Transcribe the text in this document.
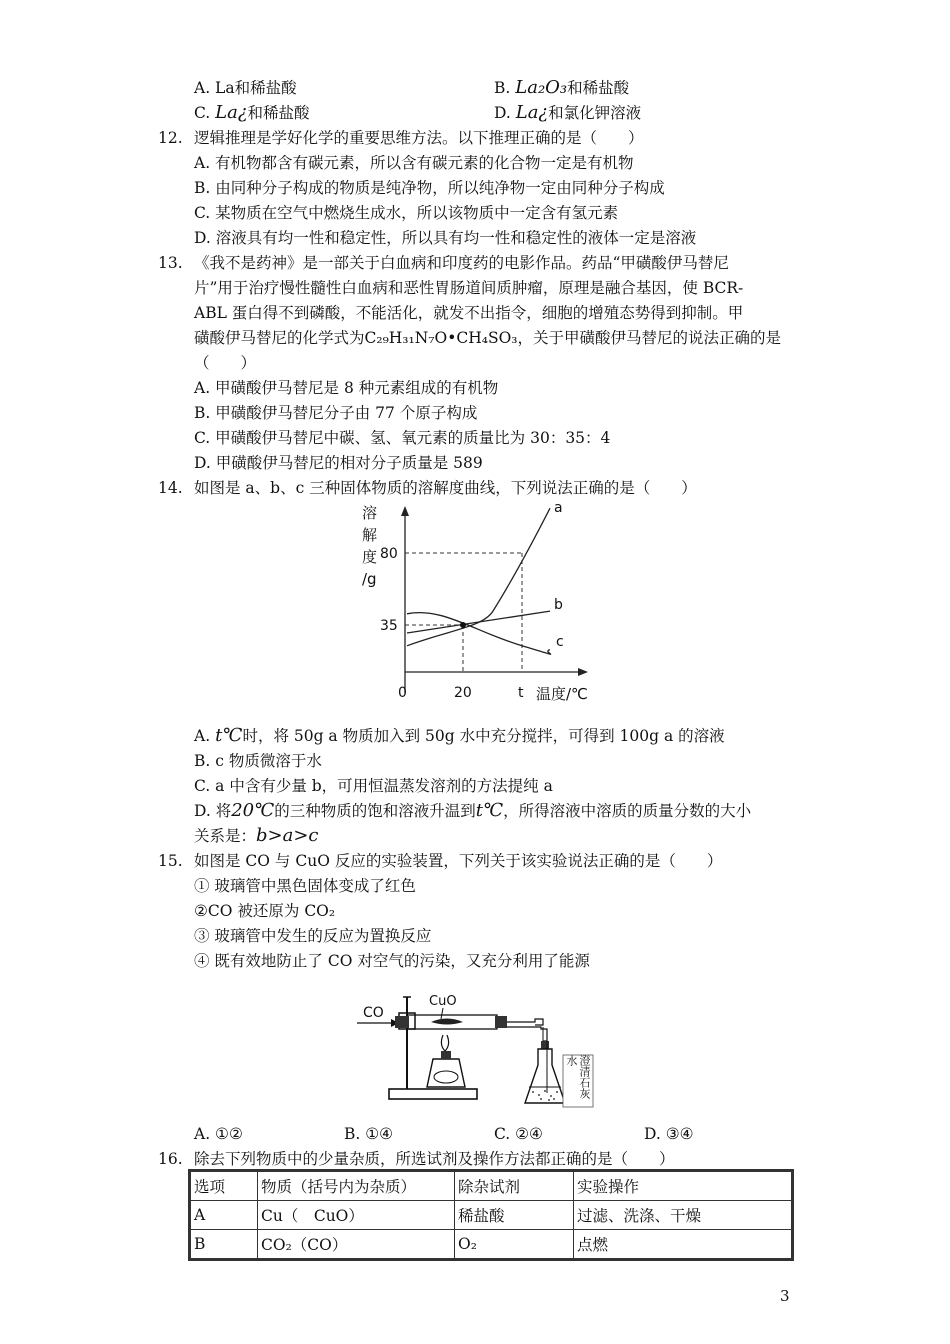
A. La和稀盐酸	B. La₂O₃和稀盐酸
C. La¿和稀盐酸	D. La¿和氯化钾溶液
12. 逻辑推理是学好化学的重要思维方法。以下推理正确的是（　　）
A. 有机物都含有碳元素，所以含有碳元素的化合物一定是有机物
B. 由同种分子构成的物质是纯净物，所以纯净物一定由同种分子构成
C. 某物质在空气中燃烧生成水，所以该物质中一定含有氢元素
D. 溶液具有均一性和稳定性，所以具有均一性和稳定性的液体一定是溶液
13. 《我不是药神》是一部关于白血病和印度药的电影作品。药品“甲磺酸伊马替尼
片”用于治疗慢性髓性白血病和恶性胃肠道间质肿瘤，原理是融合基因，使 BCR-
ABL 蛋白得不到磷酸，不能活化，就发不出指令，细胞的增殖态势得到抑制。甲
磺酸伊马替尼的化学式为C₂₉H₃₁N₇O•CH₄SO₃，关于甲磺酸伊马替尼的说法正确的是
（　　）
A. 甲磺酸伊马替尼是 8 种元素组成的有机物
B. 甲磺酸伊马替尼分子由 77 个原子构成
C. 甲磺酸伊马替尼中碳、氢、氧元素的质量比为 30：35：4
D. 甲磺酸伊马替尼的相对分子质量是 589
14. 如图是 a、b、c 三种固体物质的溶解度曲线，下列说法正确的是（　　）
溶
解
度
/g
80
35
0	20	t 温度/℃
a
b
c
A. t℃时，将 50g a 物质加入到 50g 水中充分搅拌，可得到 100g a 的溶液
B. c 物质微溶于水
C. a 中含有少量 b，可用恒温蒸发溶剂的方法提纯 a
D. 将20℃的三种物质的饱和溶液升温到t℃，所得溶液中溶质的质量分数的大小
关系是：b>a>c
15. 如图是 CO 与 CuO 反应的实验装置，下列关于该实验说法正确的是（　　）
① 玻璃管中黑色固体变成了红色
②CO 被还原为 CO₂
③ 玻璃管中发生的反应为置换反应
④ 既有效地防止了 CO 对空气的污染，又充分利用了能源
CO
CuO
澄清石灰水
A. ①②	B. ①④	C. ②④	D. ③④
16. 除去下列物质中的少量杂质，所选试剂及操作方法都正确的是（　　）
选项	物质（括号内为杂质）	除杂试剂	实验操作
A	Cu（　CuO）	稀盐酸	过滤、洗涤、干燥
B	CO₂（CO）	O₂	点燃
3
